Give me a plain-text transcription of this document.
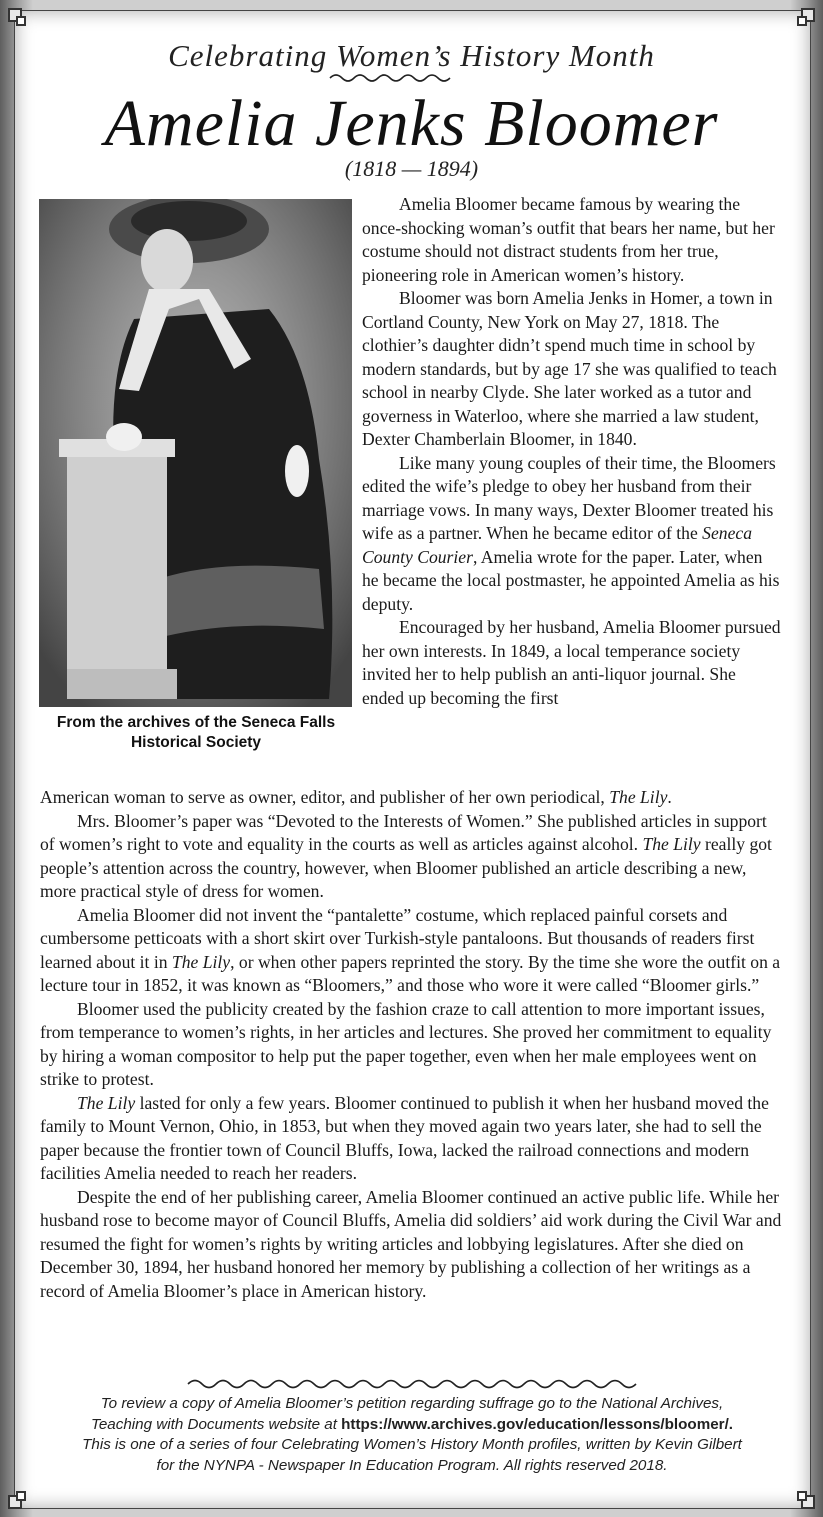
Celebrating Women’s History Month
Amelia Jenks Bloomer
(1818 — 1894)
From the archives of the Seneca Falls Historical Society

Amelia Bloomer became famous by wearing the once-shocking woman’s outfit that bears her name, but her costume should not distract students from her true, pioneering role in American women’s history.

Bloomer was born Amelia Jenks in Homer, a town in Cortland County, New York on May 27, 1818. The clothier’s daughter didn’t spend much time in school by modern standards, but by age 17 she was qualified to teach school in nearby Clyde. She later worked as a tutor and governess in Waterloo, where she married a law student, Dexter Chamberlain Bloomer, in 1840.

Like many young couples of their time, the Bloomers edited the wife’s pledge to obey her husband from their marriage vows. In many ways, Dexter Bloomer treated his wife as a partner. When he became editor of the Seneca County Courier, Amelia wrote for the paper. Later, when he became the local postmaster, he appointed Amelia as his deputy.

Encouraged by her husband, Amelia Bloomer pursued her own interests. In 1849, a local temperance society invited her to help publish an anti-liquor journal. She ended up becoming the first

American woman to serve as owner, editor, and publisher of her own periodical, The Lily.

Mrs. Bloomer’s paper was “Devoted to the Interests of Women.” She published articles in support of women’s right to vote and equality in the courts as well as articles against alcohol. The Lily really got people’s attention across the country, however, when Bloomer published an article describing a new, more practical style of dress for women.

Amelia Bloomer did not invent the “pantalette” costume, which replaced painful corsets and cumbersome petticoats with a short skirt over Turkish-style pantaloons. But thousands of readers first learned about it in The Lily, or when other papers reprinted the story. By the time she wore the outfit on a lecture tour in 1852, it was known as “Bloomers,” and those who wore it were called “Bloomer girls.”

Bloomer used the publicity created by the fashion craze to call attention to more important issues, from temperance to women’s rights, in her articles and lectures. She proved her commitment to equality by hiring a woman compositor to help put the paper together, even when her male employees went on strike to protest.

The Lily lasted for only a few years. Bloomer continued to publish it when her husband moved the family to Mount Vernon, Ohio, in 1853, but when they moved again two years later, she had to sell the paper because the frontier town of Council Bluffs, Iowa, lacked the railroad connections and modern facilities Amelia needed to reach her readers.

Despite the end of her publishing career, Amelia Bloomer continued an active public life. While her husband rose to become mayor of Council Bluffs, Amelia did soldiers’ aid work during the Civil War and resumed the fight for women’s rights by writing articles and lobbying legislatures. After she died on December 30, 1894, her husband honored her memory by publishing a collection of her writings as a record of Amelia Bloomer’s place in American history.

To review a copy of Amelia Bloomer’s petition regarding suffrage go to the National Archives,
Teaching with Documents website at https://www.archives.gov/education/lessons/bloomer/.
This is one of a series of four Celebrating Women’s History Month profiles, written by Kevin Gilbert
for the NYNPA - Newspaper In Education Program. All rights reserved 2018.
